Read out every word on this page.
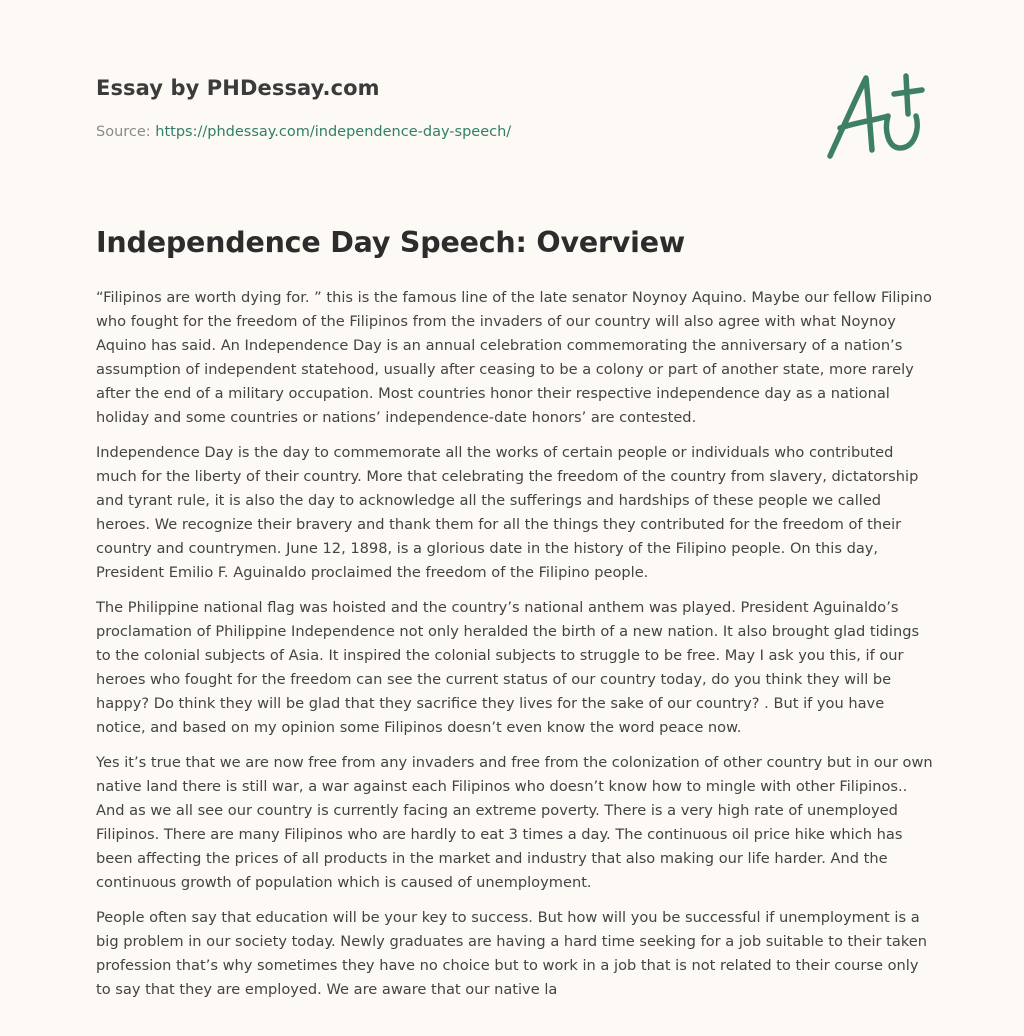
Essay by PHDessay.com
Source: https://phdessay.com/independence-day-speech/
Independence Day Speech: Overview

“Filipinos are worth dying for. ” this is the famous line of the late senator Noynoy Aquino. Maybe our fellow Filipino who fought for the freedom of the Filipinos from the invaders of our country will also agree with what Noynoy Aquino has said. An Independence Day is an annual celebration commemorating the anniversary of a nation’s assumption of independent statehood, usually after ceasing to be a colony or part of another state, more rarely after the end of a military occupation. Most countries honor their respective independence day as a national holiday and some countries or nations’ independence-date honors’ are contested.

Independence Day is the day to commemorate all the works of certain people or individuals who contributed much for the liberty of their country. More that celebrating the freedom of the country from slavery, dictatorship and tyrant rule, it is also the day to acknowledge all the sufferings and hardships of these people we called heroes. We recognize their bravery and thank them for all the things they contributed for the freedom of their country and countrymen. June 12, 1898, is a glorious date in the history of the Filipino people. On this day, President Emilio F. Aguinaldo proclaimed the freedom of the Filipino people.

The Philippine national flag was hoisted and the country’s national anthem was played. President Aguinaldo’s proclamation of Philippine Independence not only heralded the birth of a new nation. It also brought glad tidings to the colonial subjects of Asia. It inspired the colonial subjects to struggle to be free. May I ask you this, if our heroes who fought for the freedom can see the current status of our country today, do you think they will be happy? Do think they will be glad that they sacrifice they lives for the sake of our country? . But if you have notice, and based on my opinion some Filipinos doesn’t even know the word peace now.

Yes it’s true that we are now free from any invaders and free from the colonization of other country but in our own native land there is still war, a war against each Filipinos who doesn’t know how to mingle with other Filipinos.. And as we all see our country is currently facing an extreme poverty. There is a very high rate of unemployed Filipinos. There are many Filipinos who are hardly to eat 3 times a day. The continuous oil price hike which has been affecting the prices of all products in the market and industry that also making our life harder. And the continuous growth of population which is caused of unemployment.

People often say that education will be your key to success. But how will you be successful if unemployment is a big problem in our society today. Newly graduates are having a hard time seeking for a job suitable to their taken profession that’s why sometimes they have no choice but to work in a job that is not related to their course only to say that they are employed. We are aware that our native la
